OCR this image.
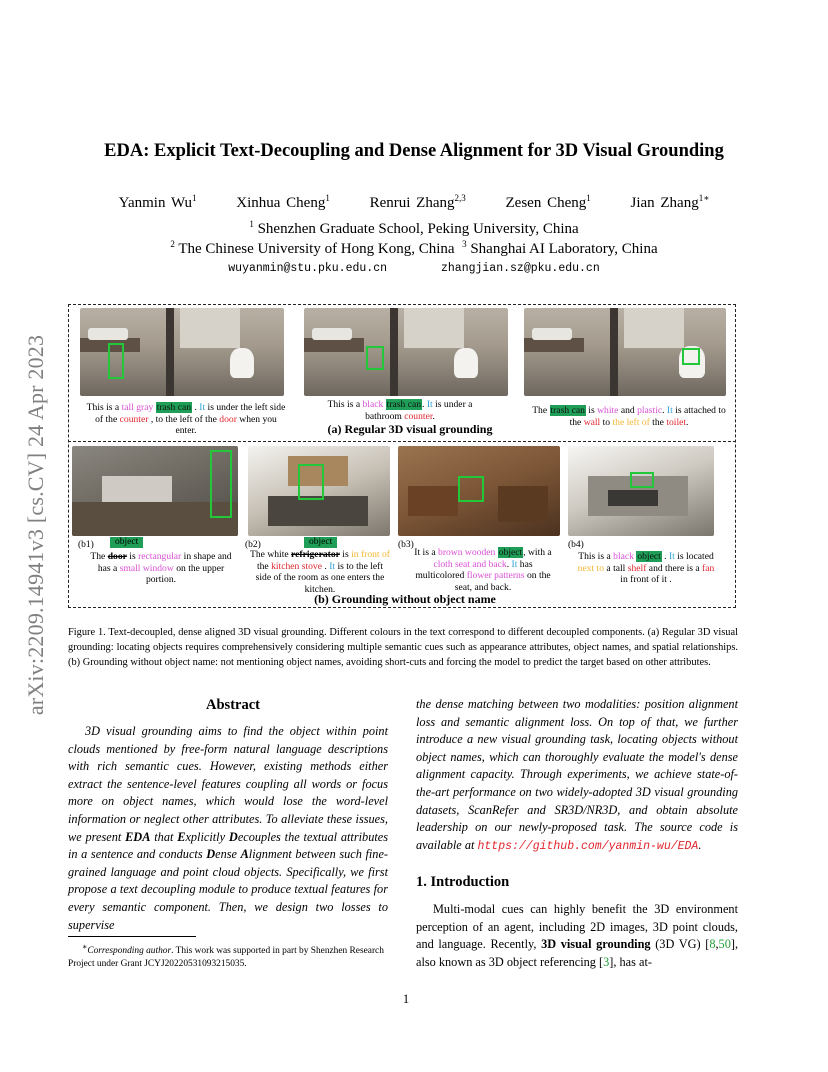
arXiv:2209.14941v3 [cs.CV] 24 Apr 2023
EDA: Explicit Text-Decoupling and Dense Alignment for 3D Visual Grounding
Yanmin Wu$^1$	Xinhua Cheng$^1$	Renrui Zhang$^{2,3}$	Zesen Cheng$^1$	Jian Zhang$^{1∗}$
$^1$ Shenzhen Graduate School, Peking University, China
$^2$ The Chinese University of Hong Kong, China $^3$ Shanghai AI Laboratory, China
wuyanmin@stu.pku.edu.cn	zhangjian.sz@pku.edu.cn
This is a tall gray trash can . It is under the left side of the counter , to the left of the door when you enter.
This is a black trash can. It is under a bathroom counter.	The trash can is white and plastic. It is attached to the wall to the left of the toilet.
(a) Regular 3D visual grounding
(b1)	object	(b2)	object	(b3)	(b4)
The door is rectangular in shape and has a small window on the upper portion.
The white refrigerator is in front of the kitchen stove . It is to the left side of the room as one enters the kitchen.
It is a brown wooden object, with a cloth seat and back. It has multicolored flower patterns on the seat, and back.
This is a black object . It is located next to a tall shelf and there is a fan in front of it .
(b) Grounding without object name
Figure 1. Text-decoupled, dense aligned 3D visual grounding. Different colours in the text correspond to different decoupled components. (a) Regular 3D visual grounding: locating objects requires comprehensively considering multiple semantic cues such as appearance attributes, object names, and spatial relationships. (b) Grounding without object name: not mentioning object names, avoiding short-cuts and forcing the model to predict the target based on other attributes.
Abstract

3D visual grounding aims to find the object within point clouds mentioned by free-form natural language descriptions with rich semantic cues. However, existing methods either extract the sentence-level features coupling all words or focus more on object names, which would lose the word-level information or neglect other attributes. To alleviate these issues, we present EDA that Explicitly Decouples the textual attributes in a sentence and conducts Dense Alignment between such fine-grained language and point cloud objects. Specifically, we first propose a text decoupling module to produce textual features for every semantic component. Then, we design two losses to supervise

the dense matching between two modalities: position alignment loss and semantic alignment loss. On top of that, we further introduce a new visual grounding task, locating objects without object names, which can thoroughly evaluate the model's dense alignment capacity. Through experiments, we achieve state-of-the-art performance on two widely-adopted 3D visual grounding datasets, ScanRefer and SR3D/NR3D, and obtain absolute leadership on our newly-proposed task. The source code is available at https://github.com/yanmin-wu/EDA.

∗Corresponding author. This work was supported in part by Shenzhen Research Project under Grant JCYJ20220531093215035.
1. Introduction

Multi-modal cues can highly benefit the 3D environment perception of an agent, including 2D images, 3D point clouds, and language. Recently, 3D visual grounding (3D VG) [8,50], also known as 3D object referencing [3], has at-

1
